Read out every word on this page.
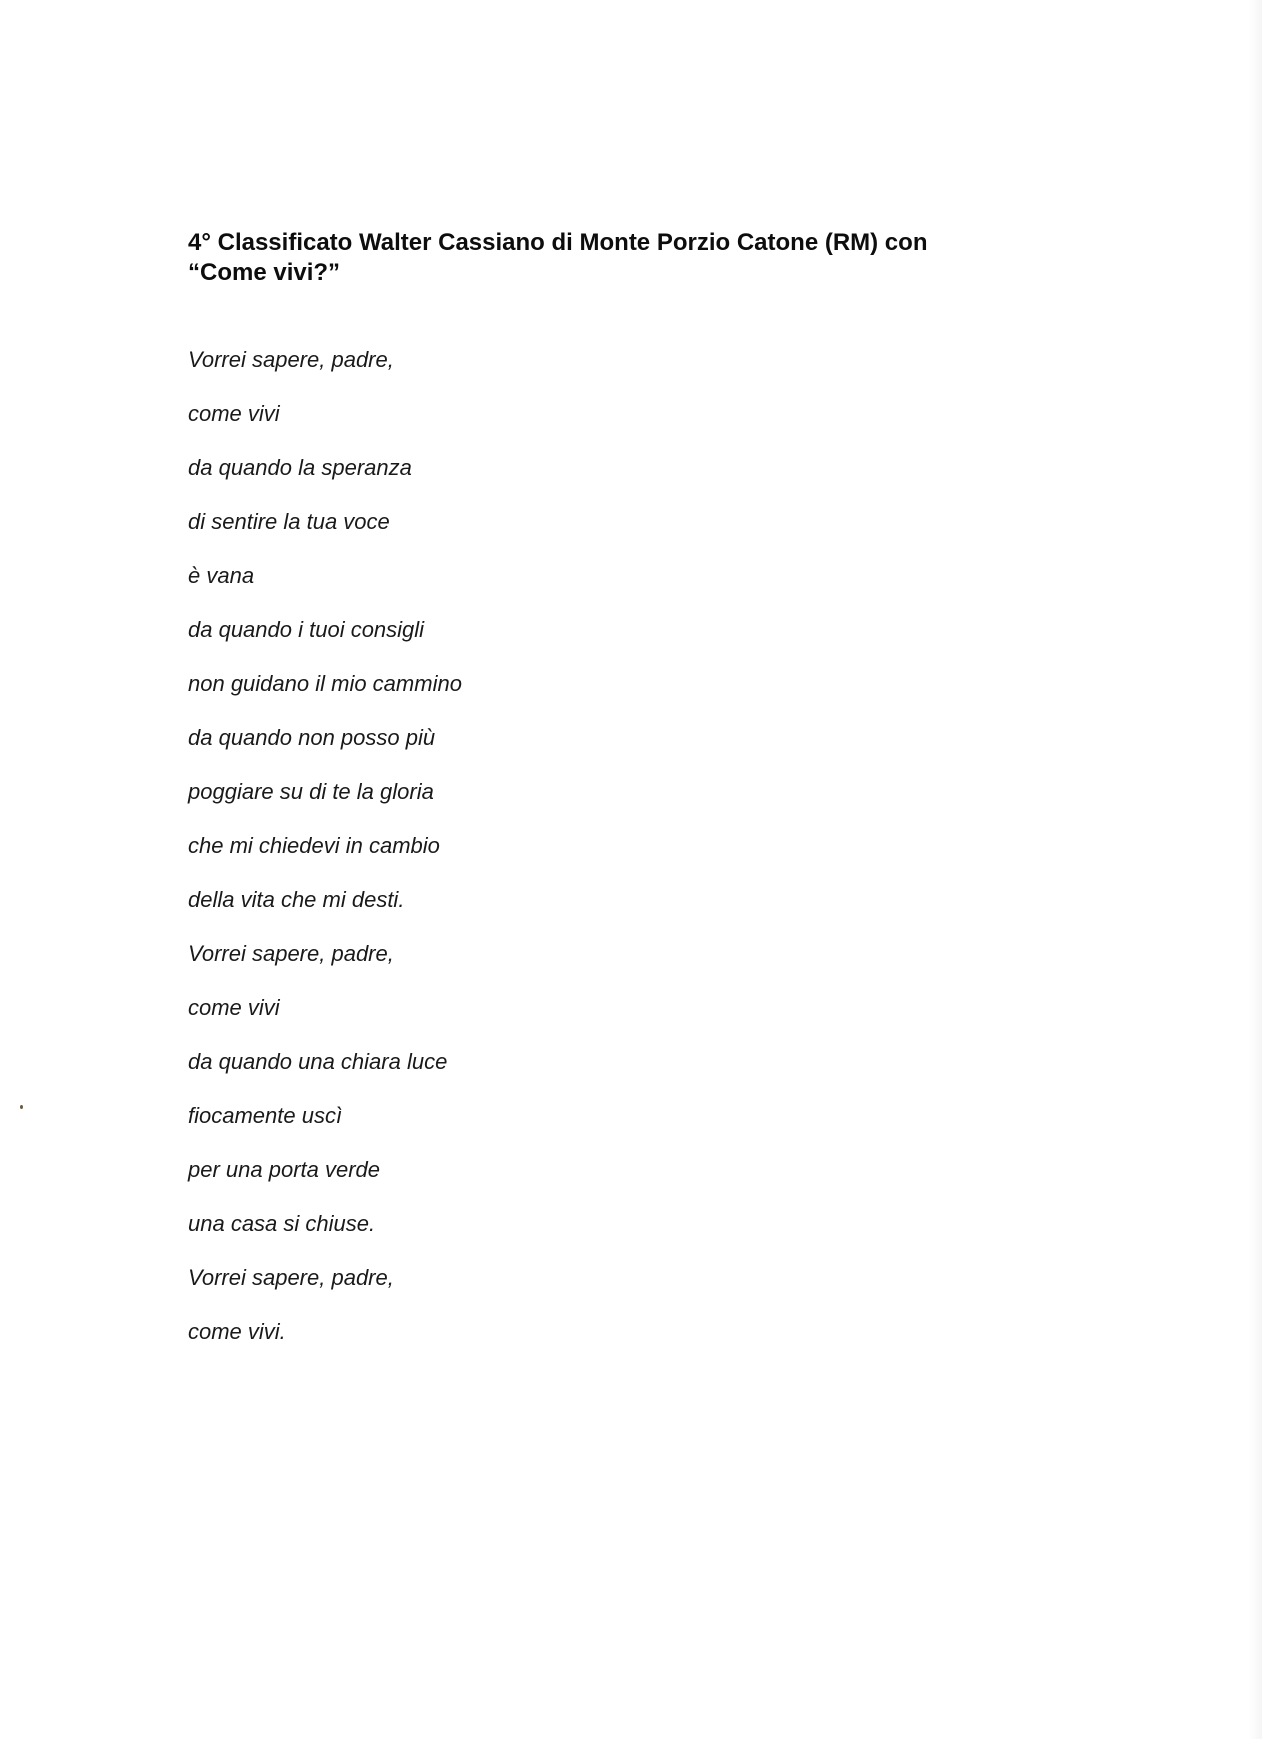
4° Classificato Walter Cassiano di Monte Porzio Catone (RM) con
“Come vivi?”
Vorrei sapere, padre,
come vivi
da quando la speranza
di sentire la tua voce
è vana
da quando i tuoi consigli
non guidano il mio cammino
da quando non posso più
poggiare su di te la gloria
che mi chiedevi in cambio
della vita che mi desti.
Vorrei sapere, padre,
come vivi
da quando una chiara luce
fiocamente uscì
per una porta verde
una casa si chiuse.
Vorrei sapere, padre,
come vivi.
